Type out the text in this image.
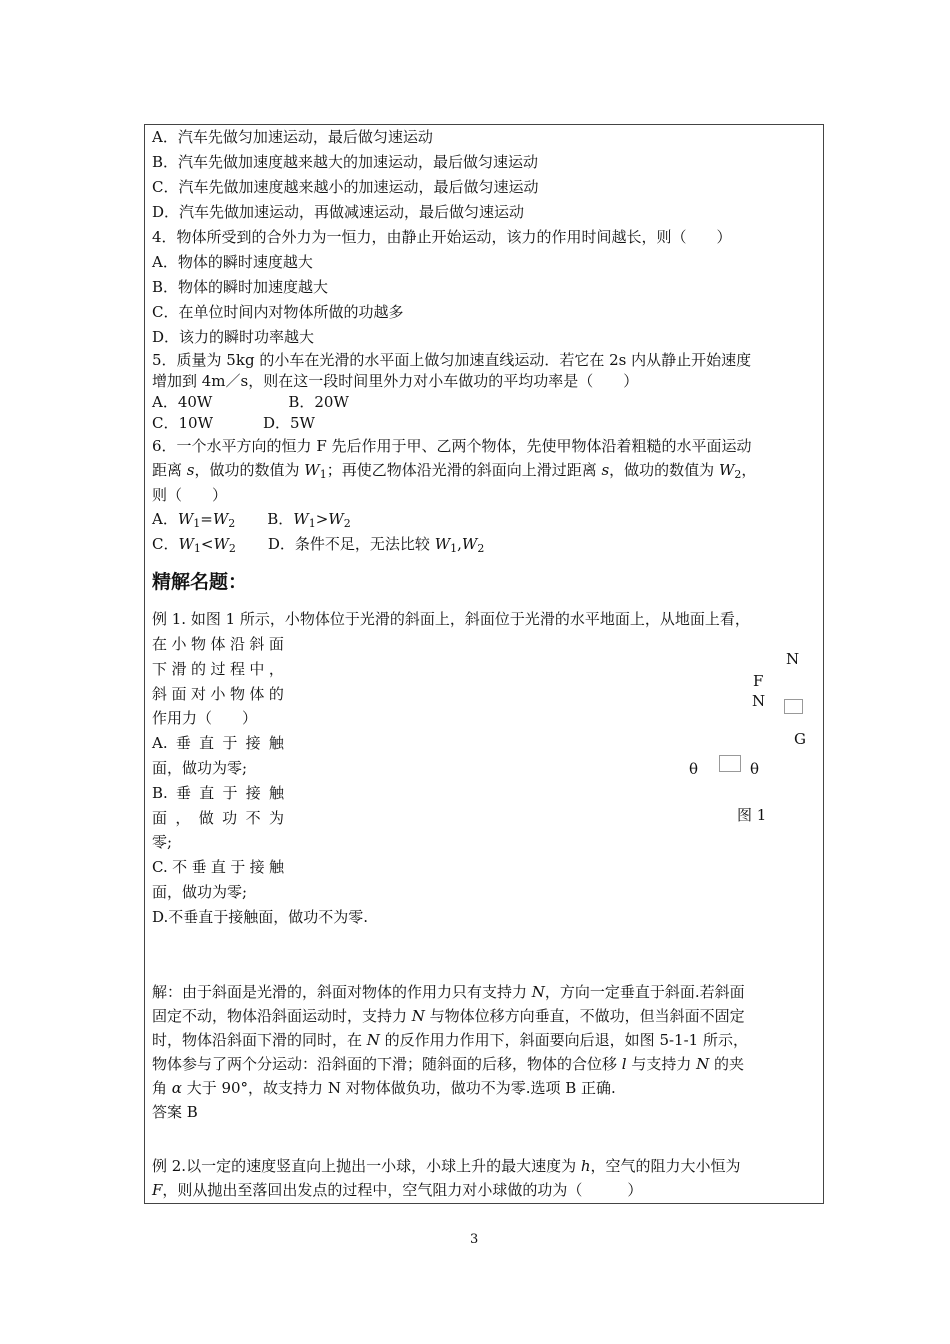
A．汽车先做匀加速运动，最后做匀速运动
B．汽车先做加速度越来越大的加速运动，最后做匀速运动
C．汽车先做加速度越来越小的加速运动，最后做匀速运动
D．汽车先做加速运动，再做减速运动，最后做匀速运动
4．物体所受到的合外力为一恒力，由静止开始运动，该力的作用时间越长，则（　　）
A．物体的瞬时速度越大
B．物体的瞬时加速度越大
C．在单位时间内对物体所做的功越多
D．该力的瞬时功率越大
5．质量为 5kg 的小车在光滑的水平面上做匀加速直线运动．若它在 2s 内从静止开始速度
增加到 4m／s，则在这一段时间里外力对小车做功的平均功率是（　　）
A．40W	B．20W
C．10W	D．5W
6．一个水平方向的恒力 F 先后作用于甲、乙两个物体，先使甲物体沿着粗糙的水平面运动
距离 s，做功的数值为 $W_1$；再使乙物体沿光滑的斜面向上滑过距离 s，做功的数值为 $W_2$，
则（　　）
A．$W_1=W_2$ B．$W_1>W_2$
C．$W_1<W_2$ D．条件不足，无法比较 $W_1,W_2$
精解名题：
例 1. 如图 1 所示，小物体位于光滑的斜面上，斜面位于光滑的水平地面上，从地面上看，
在 小 物 体 沿 斜 面
下 滑 的 过 程 中 ，
斜 面 对 小 物 体 的
作用力（　　）
A. 垂 直 于 接 触
面，做功为零;
B. 垂 直 于 接 触
面 ， 做 功 不 为
零;
C. 不 垂 直 于 接 触
面，做功为零;
D.不垂直于接触面，做功不为零.
N
F
N
G
θ	θ
图 1
解：由于斜面是光滑的，斜面对物体的作用力只有支持力 N，方向一定垂直于斜面.若斜面
固定不动，物体沿斜面运动时，支持力 N 与物体位移方向垂直，不做功，但当斜面不固定
时，物体沿斜面下滑的同时，在 N 的反作用力作用下，斜面要向后退，如图 5-1-1 所示，
物体参与了两个分运动：沿斜面的下滑；随斜面的后移，物体的合位移 l 与支持力 N 的夹
角 α 大于 90°，故支持力 N 对物体做负功，做功不为零.选项 B 正确.
答案 B
例 2.以一定的速度竖直向上抛出一小球，小球上升的最大速度为 h，空气的阻力大小恒为
F，则从抛出至落回出发点的过程中，空气阻力对小球做的功为（　　　）
3
